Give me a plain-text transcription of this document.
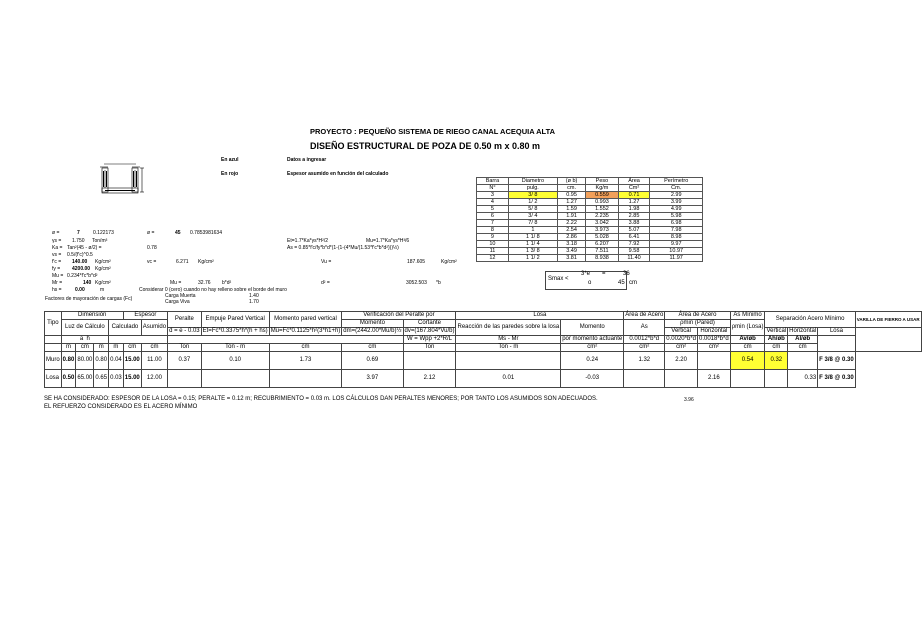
PROYECTO : PEQUEÑO SISTEMA DE RIEGO CANAL ACEQUIA ALTA
DISEÑO ESTRUCTURAL DE POZA DE 0.50 m x 0.80 m
En azul	Datos a ingresar
En rojo	Espesor asumido en función del calculado
ø =	7	0.122173	ø =	45 0.7853981634
γs = 1.750 Ton/m³	Et=1.7*Ka*γs*H²/2	Mu=1.7*Ka*γs*H³/6
Ka = Tan²(45 - ø/2) =	0.78	As = 0.85*f'c/fy*b*d*(1-(1-(4*Mu/(1.53*f'c*b*d²)))½)
vs = 0.5/(f'c)^0.5
f'c = 140.00 Kg/cm²	vc =	6.271 Kg/cm²	Vu =	187.605	Kg/cm²
fy = 4200.00 Kg/cm²
Mu = 0.234*f'c*b*d²
Mr =	140 Kg/cm²	Mu =	32.76 b*d²	d² =	3052.503 *b
hs =	0.00	m	Considerar 0 (cero) cuando no hay relleno sobre el borde del muro
Factores de mayoración de cargas (Fc)	Carga Muerta	1.40
Carga Viva	1.70
Barra	Diametro	(ø b)	Peso	Área	Perímetro
N°	pulg.	cm.	Kg/m	Cm²	Cm.
3	3/ 8	0.95	0.559	0.71	2.99
4	1/ 2	1.27	0.993	1.27	3.99
5	5/ 8	1.59	1.552	1.98	4.99
6	3/ 4	1.91	2.235	2.85	5.98
7	7/ 8	2.22	3.042	3.88	6.98
8	1	2.54	3.973	5.07	7.98
9	1 1/ 8	2.86	5.028	6.41	8.98
10	1 1/ 4	3.18	6.207	7.92	9.97
11	1 3/ 8	3.49	7.511	9.58	10.97
12	1 1/ 2	3.81	8.938	11.40	11.97
Smax <
3*e =	36
o	45 cm
Tipo	Dimensión				Espesor		Peralte	Empuje Pared Vertical	Momento pared vertical	Verificación del Peralte por		Losa		Área de Acero	Área de Acero		As Mínimo	Separación Acero Mínimo			VARILLA DE FIERRO A USAR
	Luz de Cálculo			Calculado		Asumido				Momento	Cortante	Reacción de las paredes sobre la losa	Momento	As	ρmin (Pared)		ρmin (Losa)				
							d = e - 0.03	Et=Fc*0.3375*h*(h + hs)	Mu=Fc*0.1125*h²(3*h1+h)	dm=(2442.00*Mu/b)½	dv=(167.804*Vu/b)				Vertical	Horizontal		Vertical	Horizontal	Losa	
	a h										W = Wpp +2*R/L	Ms - Mr	por momento actuante	0.0012*b*d	0.0020*b*d	0.0018*b*d	Av/øb	Ah/øb	Al/øb		
	m	cm	m	m	cm	cm	Ton	Ton - m	cm	cm	Ton	Ton - m	cm²	cm²	cm²	cm²	cm	cm	cm		
Muro	0.80	80.00	0.80	0.04	15.00	11.00	0.37	0.10	1.73	0.69			0.24	1.32	2.20		0.54	0.32		F 3/8 @ 0.30	
Losa	0.50	65.00	0.65	0.03	15.00	12.00				3.97	2.12	0.01	-0.03			2.16			0.33	F 3/8 @ 0.30	
SE HA CONSIDERADO: ESPESOR DE LA LOSA = 0.15; PERALTE = 0.12 m; RECUBRIMIENTO = 0.03 m. LOS CÁLCULOS DAN PERALTES MENORES; POR TANTO LOS ASUMIDOS SON ADECUADOS.
EL REFUERZO CONSIDERADO ES EL ACERO MÍNIMO
3.96
